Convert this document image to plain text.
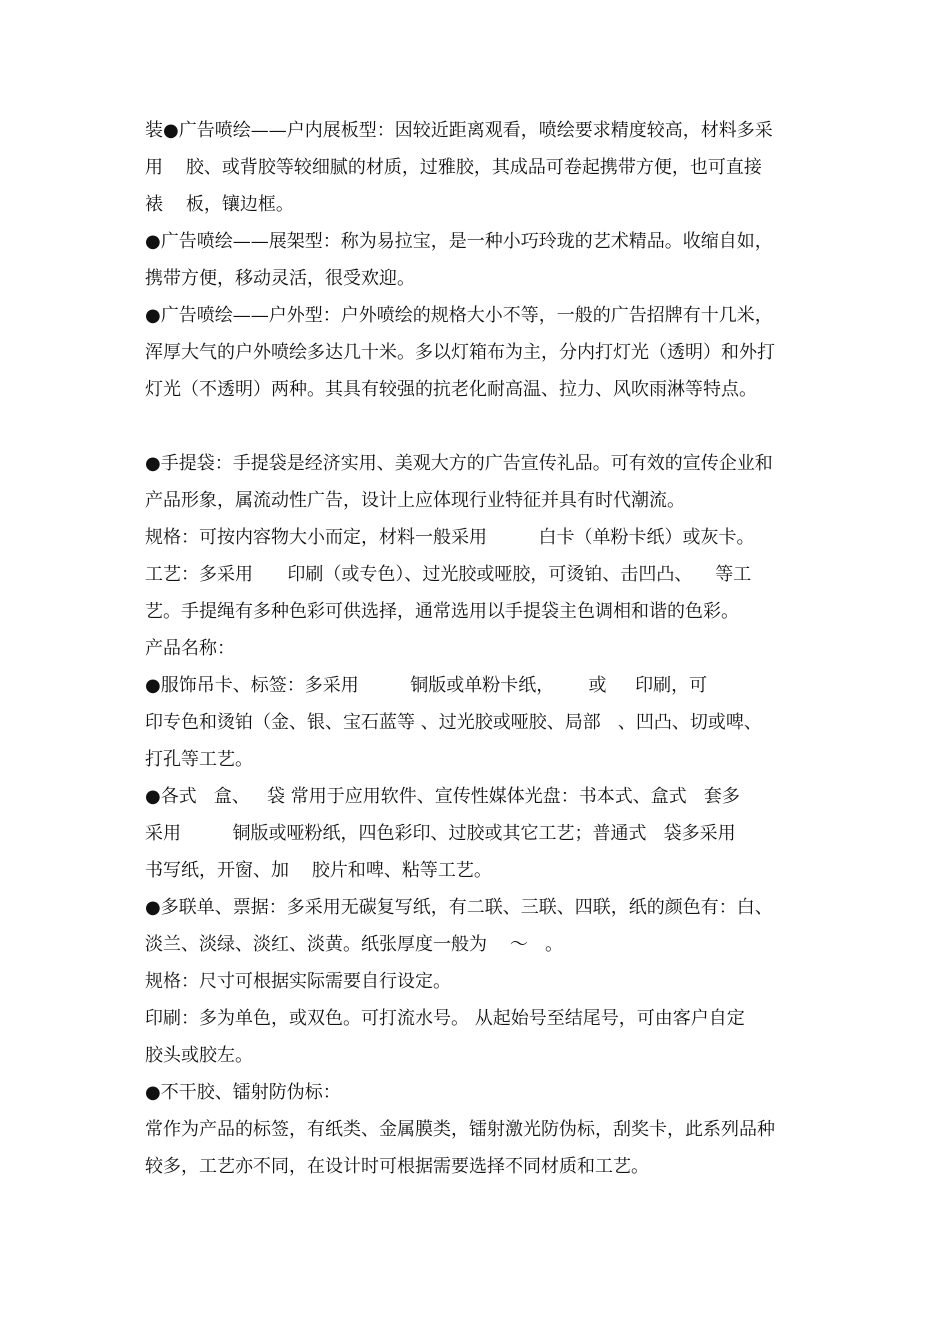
装●广告喷绘——户内展板型：因较近距离观看，喷绘要求精度较高，材料多采
用    胶、或背胶等较细腻的材质，过雅胶，其成品可卷起携带方便，也可直接
裱    板，镶边框。
●广告喷绘——展架型：称为易拉宝，是一种小巧玲珑的艺术精品。收缩自如，
携带方便，移动灵活，很受欢迎。
●广告喷绘——户外型：户外喷绘的规格大小不等，一般的广告招牌有十几米，
浑厚大气的户外喷绘多达几十米。多以灯箱布为主，分内打灯光（透明）和外打
灯光（不透明）两种。其具有较强的抗老化耐高温、拉力、风吹雨淋等特点。
●手提袋：手提袋是经济实用、美观大方的广告宣传礼品。可有效的宣传企业和
产品形象，属流动性广告，设计上应体现行业特征并具有时代潮流。
规格：可按内容物大小而定，材料一般采用         白卡（单粉卡纸）或灰卡。
工艺：多采用      印刷（或专色）、过光胶或哑胶，可烫铂、击凹凸、    等工
艺。手提绳有多种色彩可供选择，通常选用以手提袋主色调相和谐的色彩。
产品名称：
●服饰吊卡、标签：多采用         铜版或单粉卡纸，      或     印刷，可
印专色和烫铂（金、银、宝石蓝等 、过光胶或哑胶、局部   、凹凸、切或啤、
打孔等工艺。
●各式   盒、   袋 常用于应用软件、宣传性媒体光盘：书本式、盒式   套多
采用         铜版或哑粉纸，四色彩印、过胶或其它工艺；普通式   袋多采用
书写纸，开窗、加    胶片和啤、粘等工艺。
●多联单、票据：多采用无碳复写纸，有二联、三联、四联，纸的颜色有：白、
淡兰、淡绿、淡红、淡黄。纸张厚度一般为    ～   。
规格：尺寸可根据实际需要自行设定。
印刷：多为单色，或双色。可打流水号。 从起始号至结尾号，可由客户自定
胶头或胶左。
●不干胶、镭射防伪标：
常作为产品的标签，有纸类、金属膜类，镭射激光防伪标，刮奖卡，此系列品种
较多，工艺亦不同，在设计时可根据需要选择不同材质和工艺。
